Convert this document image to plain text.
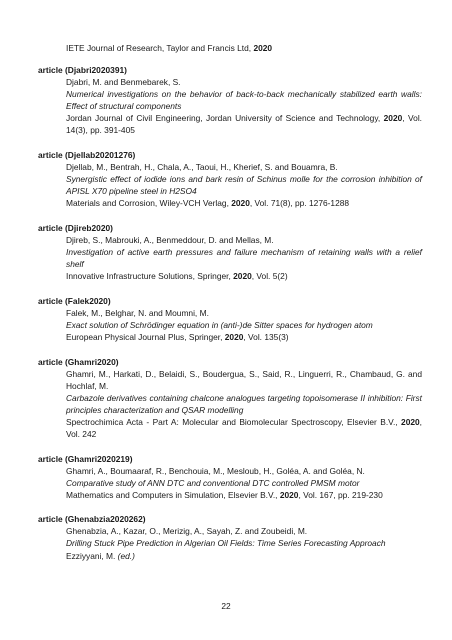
IETE Journal of Research, Taylor and Francis Ltd, 2020
article (Djabri2020391)
Djabri, M. and Benmebarek, S.
Numerical investigations on the behavior of back-to-back mechanically stabilized earth walls: Effect of structural components
Jordan Journal of Civil Engineering, Jordan University of Science and Technology, 2020, Vol. 14(3), pp. 391-405
article (Djellab20201276)
Djellab, M., Bentrah, H., Chala, A., Taoui, H., Kherief, S. and Bouamra, B.
Synergistic effect of iodide ions and bark resin of Schinus molle for the corrosion inhibition of APISL X70 pipeline steel in H2SO4
Materials and Corrosion, Wiley-VCH Verlag, 2020, Vol. 71(8), pp. 1276-1288
article (Djireb2020)
Djireb, S., Mabrouki, A., Benmeddour, D. and Mellas, M.
Investigation of active earth pressures and failure mechanism of retaining walls with a relief shelf
Innovative Infrastructure Solutions, Springer, 2020, Vol. 5(2)
article (Falek2020)
Falek, M., Belghar, N. and Moumni, M.
Exact solution of Schrödinger equation in (anti-)de Sitter spaces for hydrogen atom
European Physical Journal Plus, Springer, 2020, Vol. 135(3)
article (Ghamri2020)
Ghamri, M., Harkati, D., Belaidi, S., Boudergua, S., Said, R., Linguerri, R., Chambaud, G. and Hochlaf, M.
Carbazole derivatives containing chalcone analogues targeting topoisomerase II inhibition: First principles characterization and QSAR modelling
Spectrochimica Acta - Part A: Molecular and Biomolecular Spectroscopy, Elsevier B.V., 2020, Vol. 242
article (Ghamri2020219)
Ghamri, A., Boumaaraf, R., Benchouia, M., Mesloub, H., Goléa, A. and Goléa, N.
Comparative study of ANN DTC and conventional DTC controlled PMSM motor
Mathematics and Computers in Simulation, Elsevier B.V., 2020, Vol. 167, pp. 219-230
article (Ghenabzia2020262)
Ghenabzia, A., Kazar, O., Merizig, A., Sayah, Z. and Zoubeidi, M.
Drilling Stuck Pipe Prediction in Algerian Oil Fields: Time Series Forecasting Approach
Ezziyyani, M. (ed.)
22
